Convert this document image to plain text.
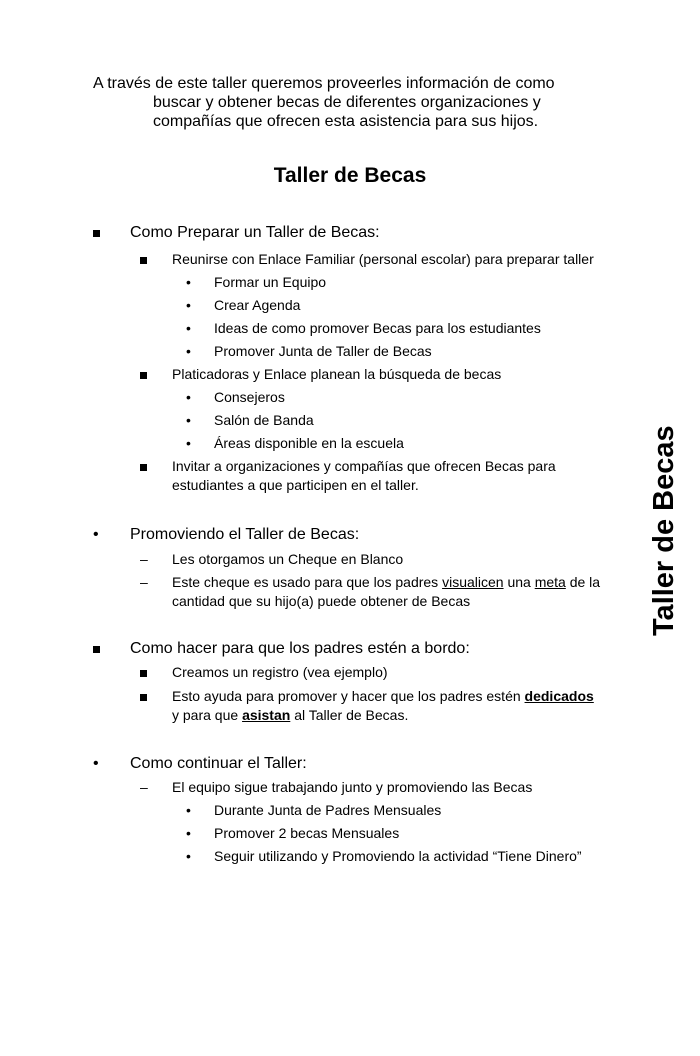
A través de este taller queremos proveerles información de como
buscar y obtener becas de diferentes organizaciones y
compañías que ofrecen esta asistencia para sus hijos.
Taller de Becas
Taller de Becas
Como Preparar un Taller de Becas:
Reunirse con Enlace Familiar (personal escolar) para preparar taller
• Formar un Equipo
• Crear Agenda
• Ideas de como promover Becas para los estudiantes
• Promover Junta de Taller de Becas
Platicadoras y Enlace planean la búsqueda de becas
• Consejeros
• Salón de Banda
• Áreas disponible en la escuela
Invitar a organizaciones y compañías que ofrecen Becas para
estudiantes a que participen en el taller.
•	Promoviendo el Taller de Becas:
– Les otorgamos un Cheque en Blanco
– Este cheque es usado para que los padres visualicen una meta de la
cantidad que su hijo(a) puede obtener de Becas
Como hacer para que los padres estén a bordo:
Creamos un registro (vea ejemplo)
Esto ayuda para promover y hacer que los padres estén dedicados
y para que asistan al Taller de Becas.
•	Como continuar el Taller:
– El equipo sigue trabajando junto y promoviendo las Becas
• Durante Junta de Padres Mensuales
• Promover 2 becas Mensuales
• Seguir utilizando y Promoviendo la actividad “Tiene Dinero”
